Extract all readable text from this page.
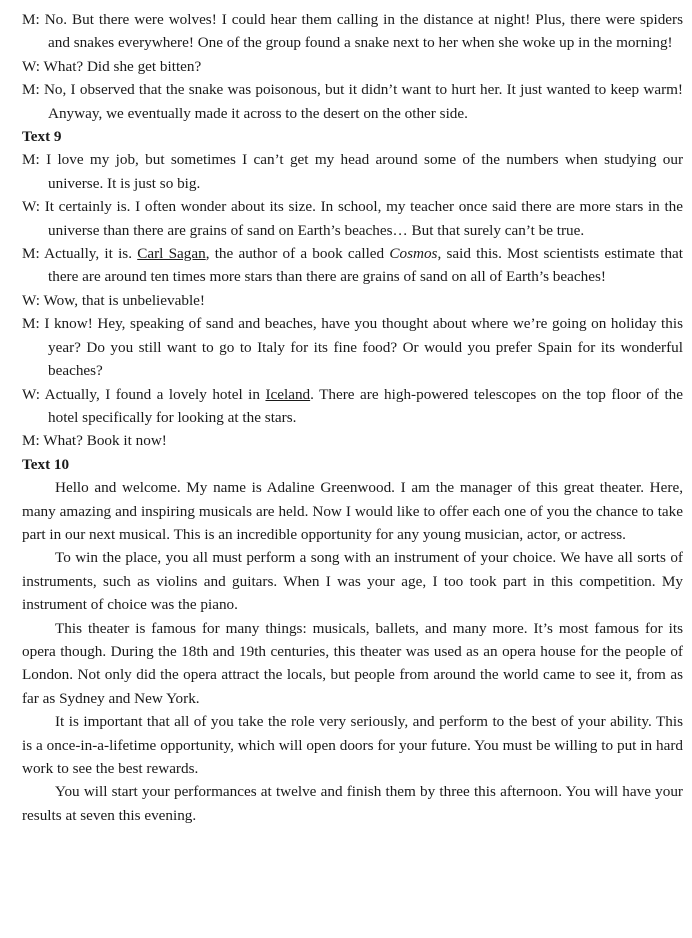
M: No. But there were wolves! I could hear them calling in the distance at night! Plus, there were spiders and snakes everywhere! One of the group found a snake next to her when she woke up in the morning!
W: What? Did she get bitten?
M: No, I observed that the snake was poisonous, but it didn’t want to hurt her. It just wanted to keep warm! Anyway, we eventually made it across to the desert on the other side.
Text 9
M: I love my job, but sometimes I can’t get my head around some of the numbers when studying our universe. It is just so big.
W: It certainly is. I often wonder about its size. In school, my teacher once said there are more stars in the universe than there are grains of sand on Earth’s beaches… But that surely can’t be true.
M: Actually, it is. Carl Sagan, the author of a book called Cosmos, said this. Most scientists estimate that there are around ten times more stars than there are grains of sand on all of Earth’s beaches!
W: Wow, that is unbelievable!
M: I know! Hey, speaking of sand and beaches, have you thought about where we’re going on holiday this year? Do you still want to go to Italy for its fine food? Or would you prefer Spain for its wonderful beaches?
W: Actually, I found a lovely hotel in Iceland. There are high-powered telescopes on the top floor of the hotel specifically for looking at the stars.
M: What? Book it now!
Text 10

Hello and welcome. My name is Adaline Greenwood. I am the manager of this great theater. Here, many amazing and inspiring musicals are held. Now I would like to offer each one of you the chance to take part in our next musical. This is an incredible opportunity for any young musician, actor, or actress.

To win the place, you all must perform a song with an instrument of your choice. We have all sorts of instruments, such as violins and guitars. When I was your age, I too took part in this competition. My instrument of choice was the piano.

This theater is famous for many things: musicals, ballets, and many more. It’s most famous for its opera though. During the 18th and 19th centuries, this theater was used as an opera house for the people of London. Not only did the opera attract the locals, but people from around the world came to see it, from as far as Sydney and New York.

It is important that all of you take the role very seriously, and perform to the best of your ability. This is a once-in-a-lifetime opportunity, which will open doors for your future. You must be willing to put in hard work to see the best rewards.

You will start your performances at twelve and finish them by three this afternoon. You will have your results at seven this evening.
